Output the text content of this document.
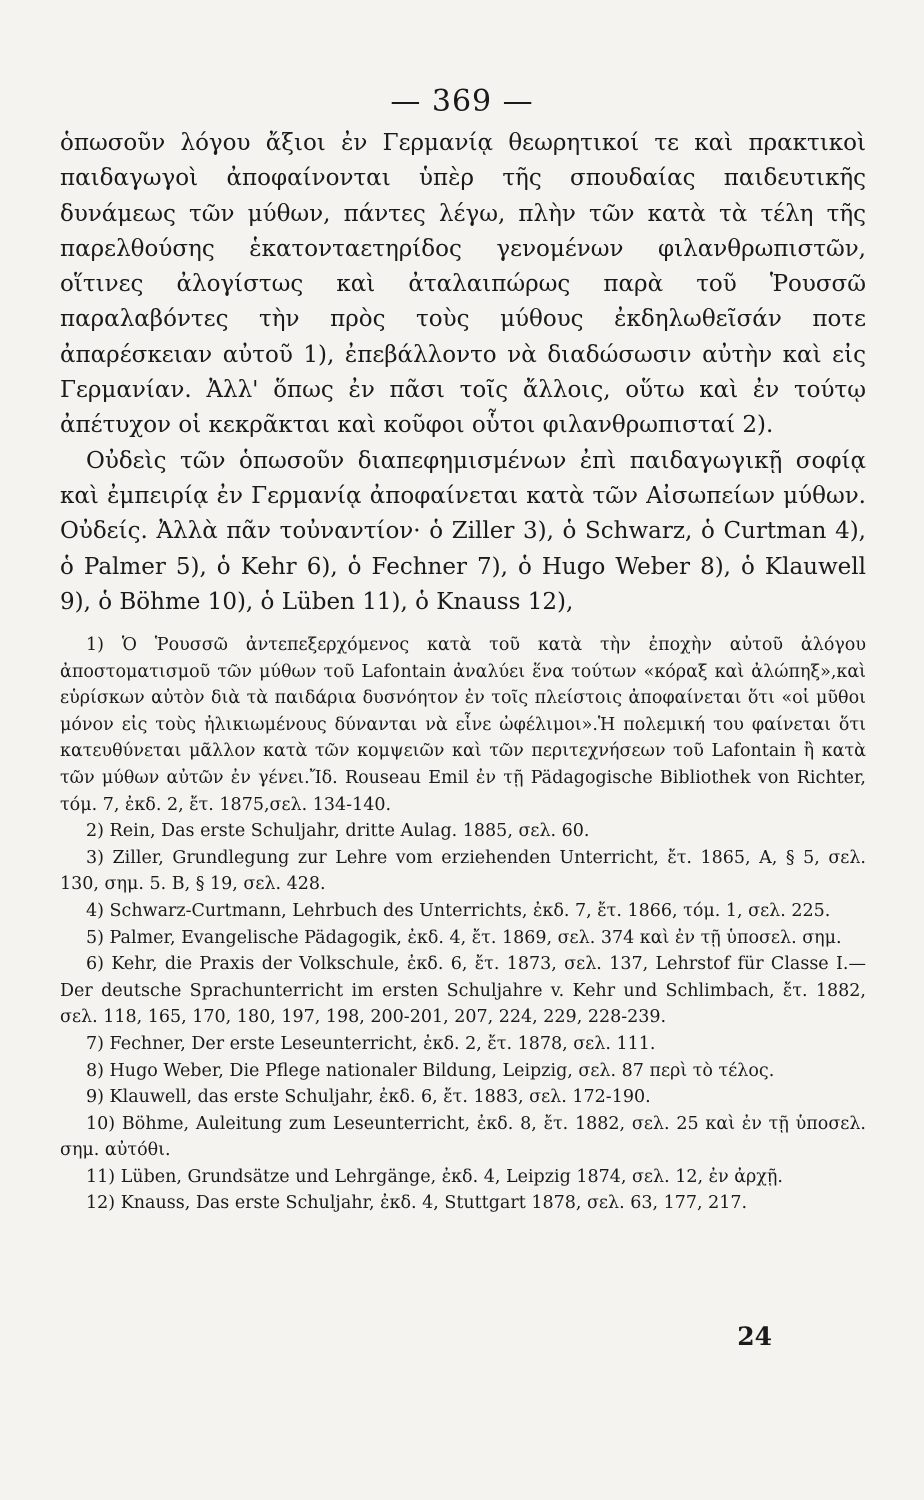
— 369 —

ὁπωσοῦν λόγου ἄξιοι ἐν Γερμανίᾳ θεωρητικοί τε καὶ πρακτικοὶ παιδαγωγοὶ ἀποφαίνονται ὑπὲρ τῆς σπουδαίας παιδευτικῆς δυνάμεως τῶν μύθων, πάντες λέγω, πλὴν τῶν κατὰ τὰ τέλη τῆς παρελθούσης ἑκατονταετηρίδος γενομένων φιλανθρωπιστῶν, οἵτινες ἀλογίστως καὶ ἀταλαιπώρως παρὰ τοῦ Ῥουσσῶ παραλαβόντες τὴν πρὸς τοὺς μύθους ἐκδηλωθεῖσάν ποτε ἀπαρέσκειαν αὐτοῦ 1), ἐπεβάλλοντο νὰ διαδώσωσιν αὐτὴν καὶ εἰς Γερμανίαν. Ἀλλ' ὅπως ἐν πᾶσι τοῖς ἄλλοις, οὕτω καὶ ἐν τούτῳ ἀπέτυχον οἱ κεκρᾶκται καὶ κοῦφοι οὗτοι φιλανθρωπισταί 2).

Οὐδεὶς τῶν ὁπωσοῦν διαπεφημισμένων ἐπὶ παιδαγωγικῇ σοφίᾳ καὶ ἐμπειρίᾳ ἐν Γερμανίᾳ ἀποφαίνεται κατὰ τῶν Αἰσωπείων μύθων. Οὐδείς. Ἀλλὰ πᾶν τοὐναντίον· ὁ Ziller 3), ὁ Schwarz, ὁ Curtman 4), ὁ Palmer 5), ὁ Kehr 6), ὁ Fechner 7), ὁ Hugo Weber 8), ὁ Klauwell 9), ὁ Böhme 10), ὁ Lüben 11), ὁ Knauss 12),

1) Ὁ Ῥουσσῶ ἀντεπεξερχόμενος κατὰ τοῦ κατὰ τὴν ἐποχὴν αὐτοῦ ἀλόγου ἀποστοματισμοῦ τῶν μύθων τοῦ Lafontain ἀναλύει ἕνα τούτων «κόραξ καὶ ἀλώπηξ»,καὶ εὑρίσκων αὐτὸν διὰ τὰ παιδάρια δυσνόητον ἐν τοῖς πλείστοις ἀποφαίνεται ὅτι «οἱ μῦθοι μόνον εἰς τοὺς ἠλικιωμένους δύνανται νὰ εἶνε ὠφέλιμοι».Ἡ πολεμική του φαίνεται ὅτι κατευθύνεται μᾶλλον κατὰ τῶν κομψειῶν καὶ τῶν περιτεχνήσεων τοῦ Lafontain ἢ κατὰ τῶν μύθων αὐτῶν ἐν γένει.Ἴδ. Rouseau Emil ἐν τῇ Pädagogische Bibliothek von Richter, τόμ. 7, ἐκδ. 2, ἔτ. 1875,σελ. 134-140.

2) Rein, Das erste Schuljahr, dritte Aulag. 1885, σελ. 60.

3) Ziller, Grundlegung zur Lehre vom erziehenden Unterricht, ἔτ. 1865, A, § 5, σελ. 130, σημ. 5. B, § 19, σελ. 428.

4) Schwarz-Curtmann, Lehrbuch des Unterrichts, ἐκδ. 7, ἔτ. 1866, τόμ. 1, σελ. 225.

5) Palmer, Evangelische Pädagogik, ἐκδ. 4, ἔτ. 1869, σελ. 374 καὶ ἐν τῇ ὑποσελ. σημ.

6) Kehr, die Praxis der Volkschule, ἐκδ. 6, ἔτ. 1873, σελ. 137, Lehrstof für Classe I.— Der deutsche Sprachunterricht im ersten Schuljahre v. Kehr und Schlimbach, ἔτ. 1882, σελ. 118, 165, 170, 180, 197, 198, 200-201, 207, 224, 229, 228-239.

7) Fechner, Der erste Leseunterricht, ἐκδ. 2, ἔτ. 1878, σελ. 111.

8) Hugo Weber, Die Pflege nationaler Bildung, Leipzig, σελ. 87 περὶ τὸ τέλος.

9) Klauwell, das erste Schuljahr, ἐκδ. 6, ἔτ. 1883, σελ. 172-190.

10) Böhme, Auleitung zum Leseunterricht, ἐκδ. 8, ἔτ. 1882, σελ. 25 καὶ ἐν τῇ ὑποσελ. σημ. αὐτόθι.

11) Lüben, Grundsätze und Lehrgänge, ἐκδ. 4, Leipzig 1874, σελ. 12, ἐν ἀρχῇ.

12) Knauss, Das erste Schuljahr, ἐκδ. 4, Stuttgart 1878, σελ. 63, 177, 217.

24
